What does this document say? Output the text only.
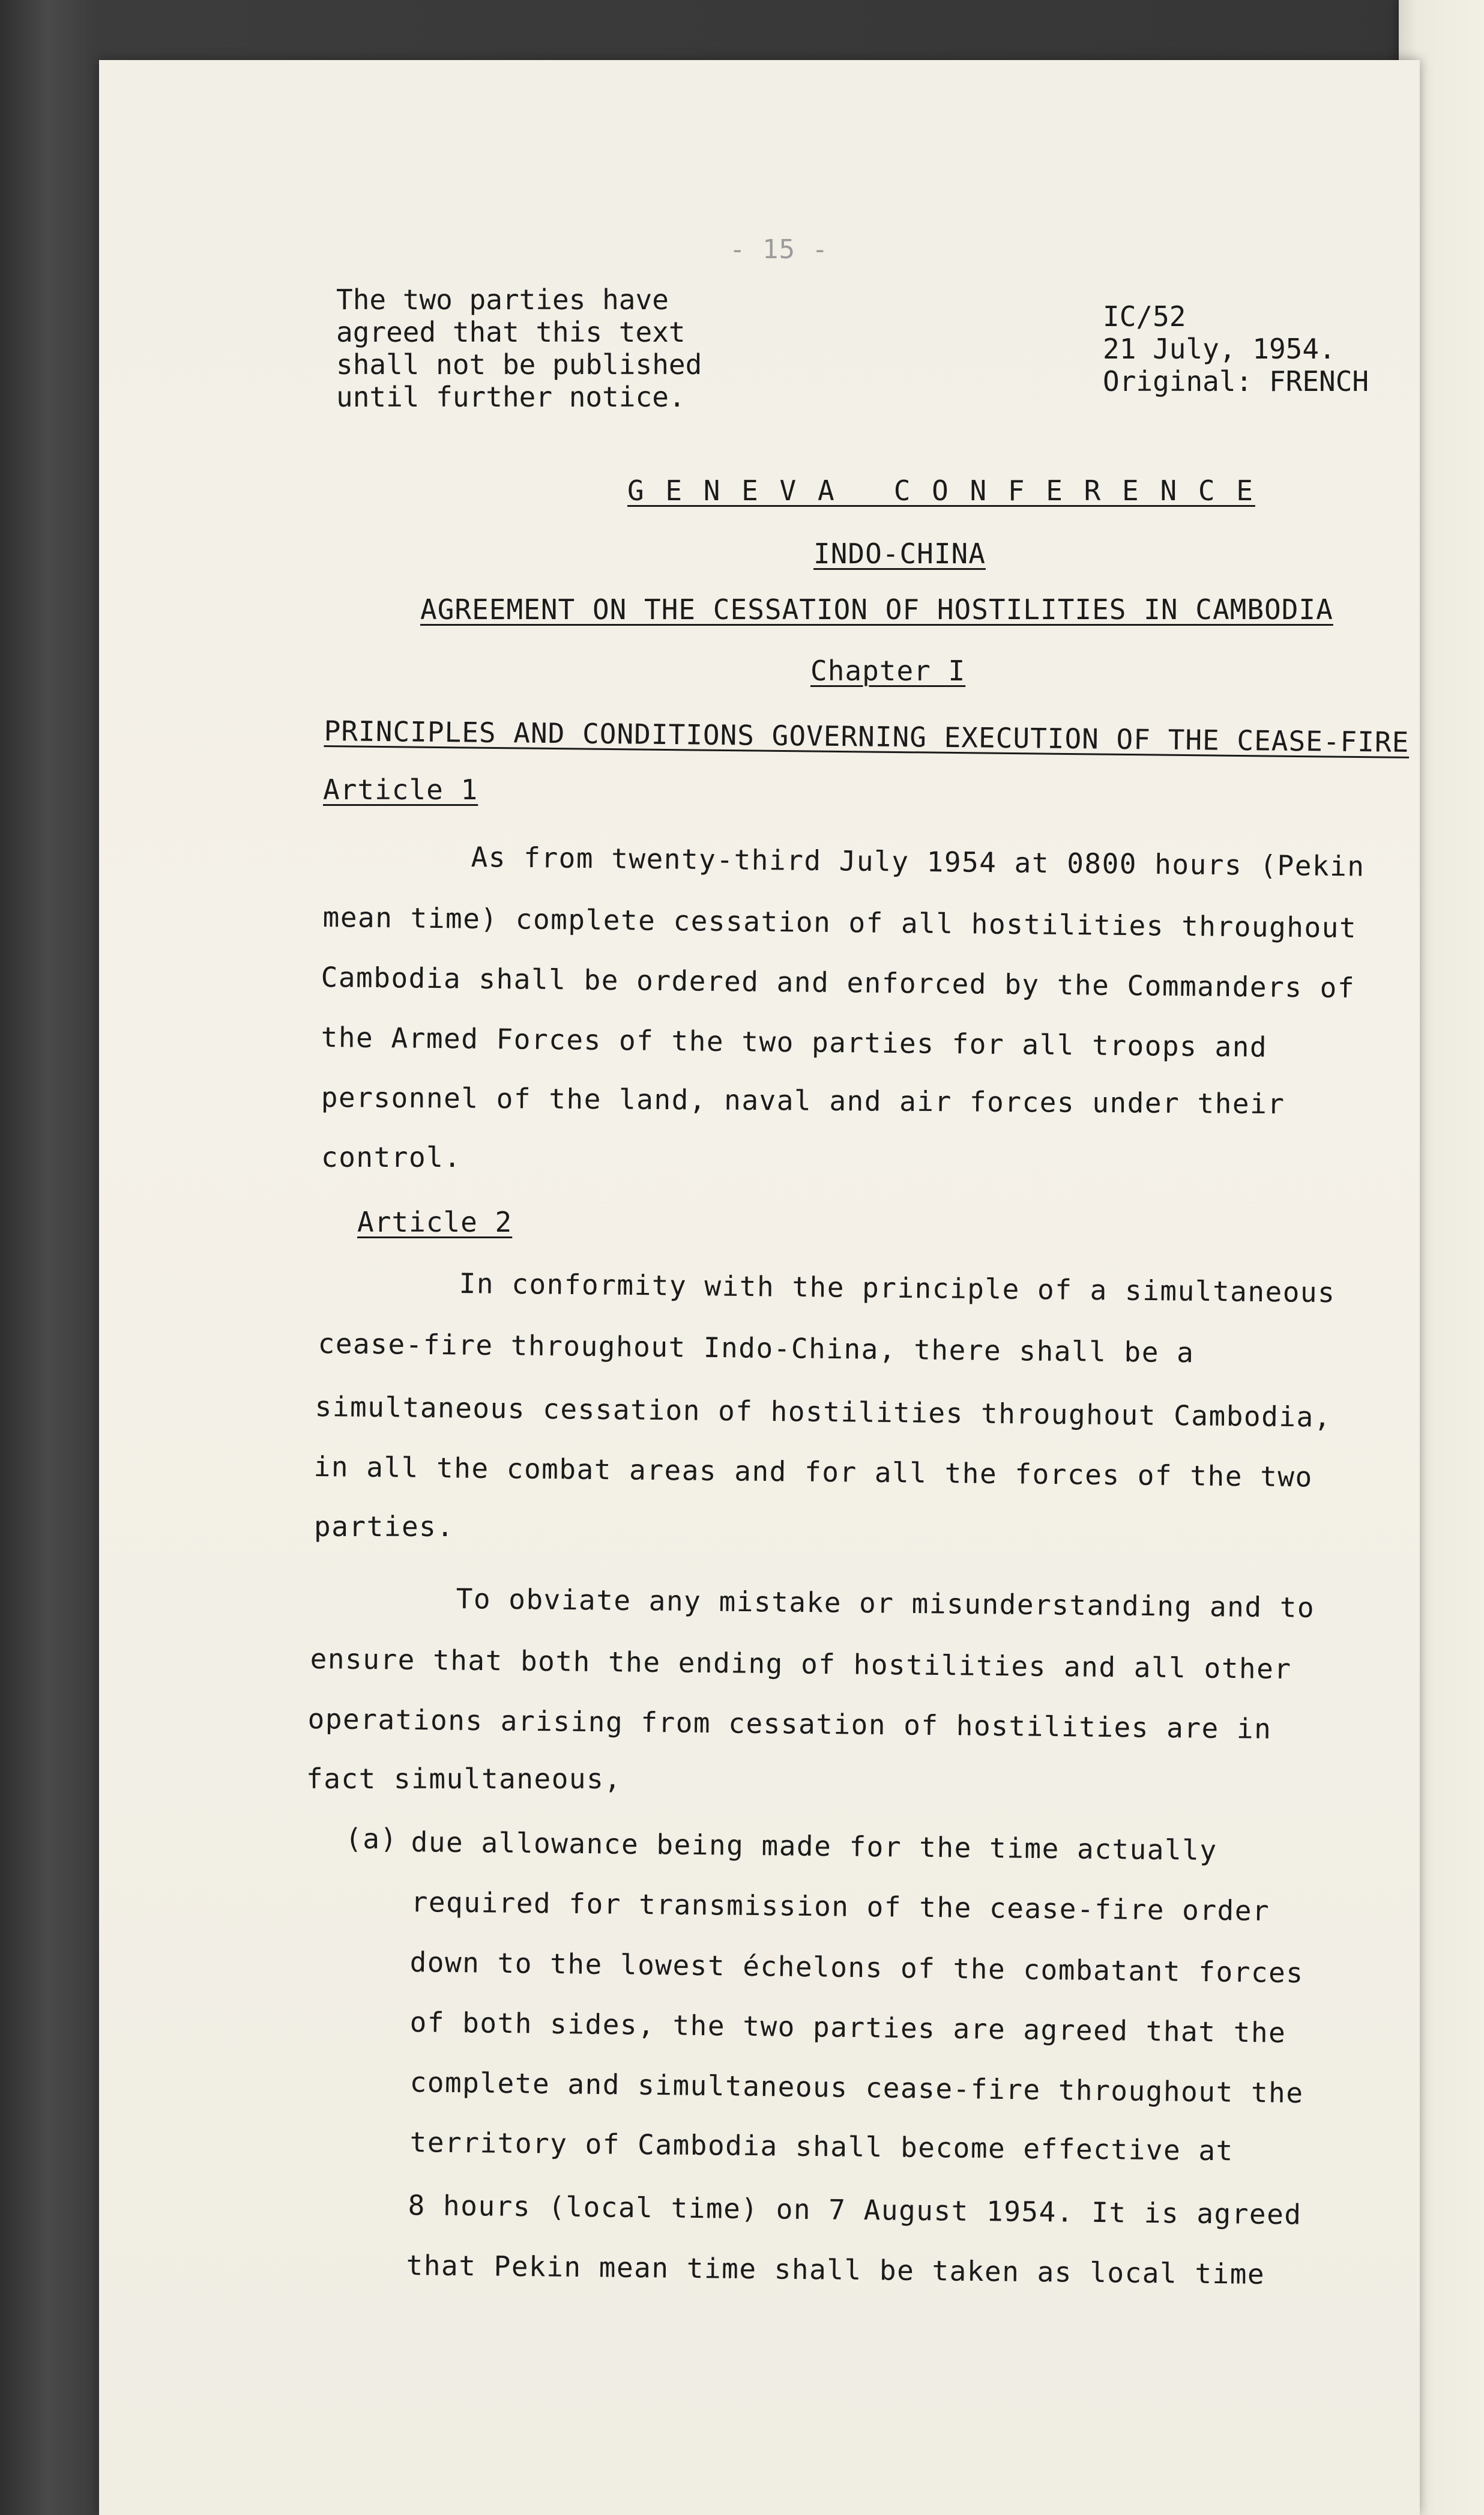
- 15 -
The two parties have
agreed that this text
shall not be published
until further notice.
IC/52
21 July, 1954.
Original: FRENCH
G E N E V A   C O N F E R E N C E
INDO-CHINA
AGREEMENT ON THE CESSATION OF HOSTILITIES IN CAMBODIA
Chapter I
PRINCIPLES AND CONDITIONS GOVERNING EXECUTION OF THE CEASE-FIRE
Article 1
As from twenty-third July 1954 at 0800 hours (Pekin
mean time) complete cessation of all hostilities throughout
Cambodia shall be ordered and enforced by the Commanders of
the Armed Forces of the two parties for all troops and
personnel of the land, naval and air forces under their
control.
Article 2
In conformity with the principle of a simultaneous
cease-fire throughout Indo-China, there shall be a
simultaneous cessation of hostilities throughout Cambodia,
in all the combat areas and for all the forces of the two
parties.
To obviate any mistake or misunderstanding and to
ensure that both the ending of hostilities and all other
operations arising from cessation of hostilities are in
fact simultaneous,
(a) due allowance being made for the time actually
required for transmission of the cease-fire order
down to the lowest échelons of the combatant forces
of both sides, the two parties are agreed that the
complete and simultaneous cease-fire throughout the
territory of Cambodia shall become effective at
8 hours (local time) on 7 August 1954. It is agreed
that Pekin mean time shall be taken as local time
